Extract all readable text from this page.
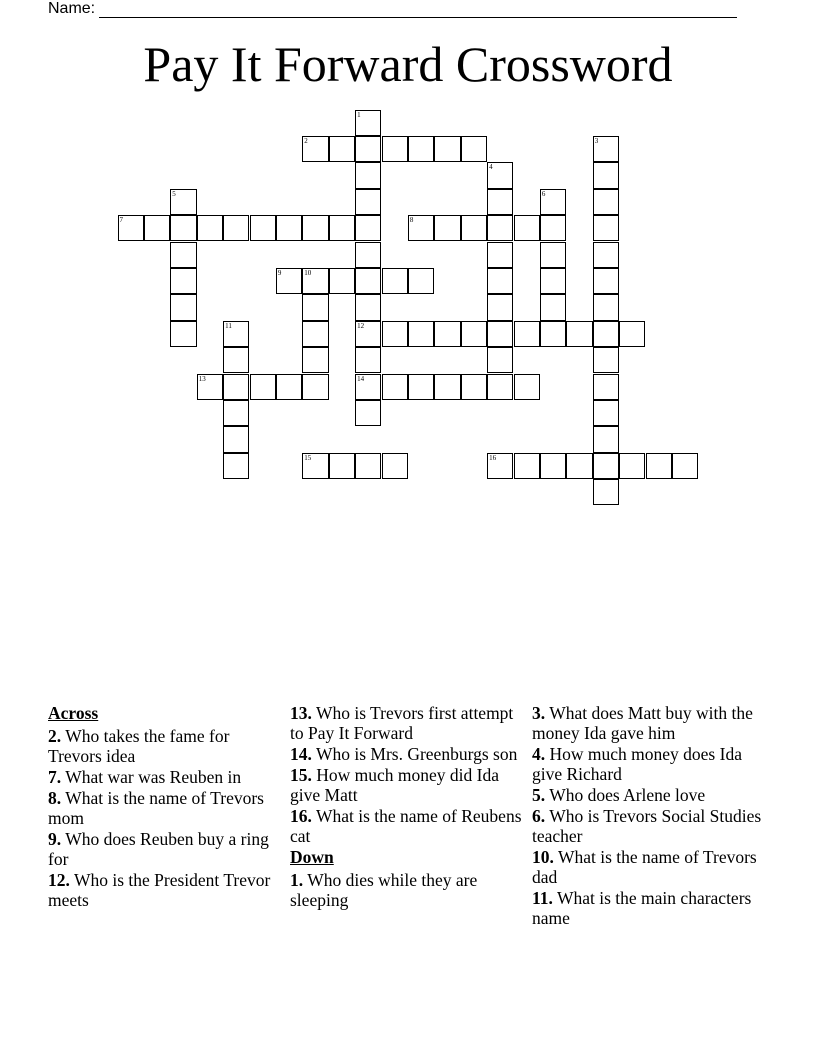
Name:
Pay It Forward Crossword
1
12
14
2	3
4
5	6
7	8
9	10
11
13
15	16
Across
2. Who takes the fame for Trevors idea
7. What war was Reuben in
8. What is the name of Trevors mom
9. Who does Reuben buy a ring for
12. Who is the President Trevor meets
13. Who is Trevors first attempt to Pay It Forward
14. Who is Mrs. Greenburgs son
15. How much money did Ida give Matt
16. What is the name of Reubens cat
Down
1. Who dies while they are sleeping
3. What does Matt buy with the money Ida gave him
4. How much money does Ida give Richard
5. Who does Arlene love
6. Who is Trevors Social Studies teacher
10. What is the name of Trevors dad
11. What is the main characters name
